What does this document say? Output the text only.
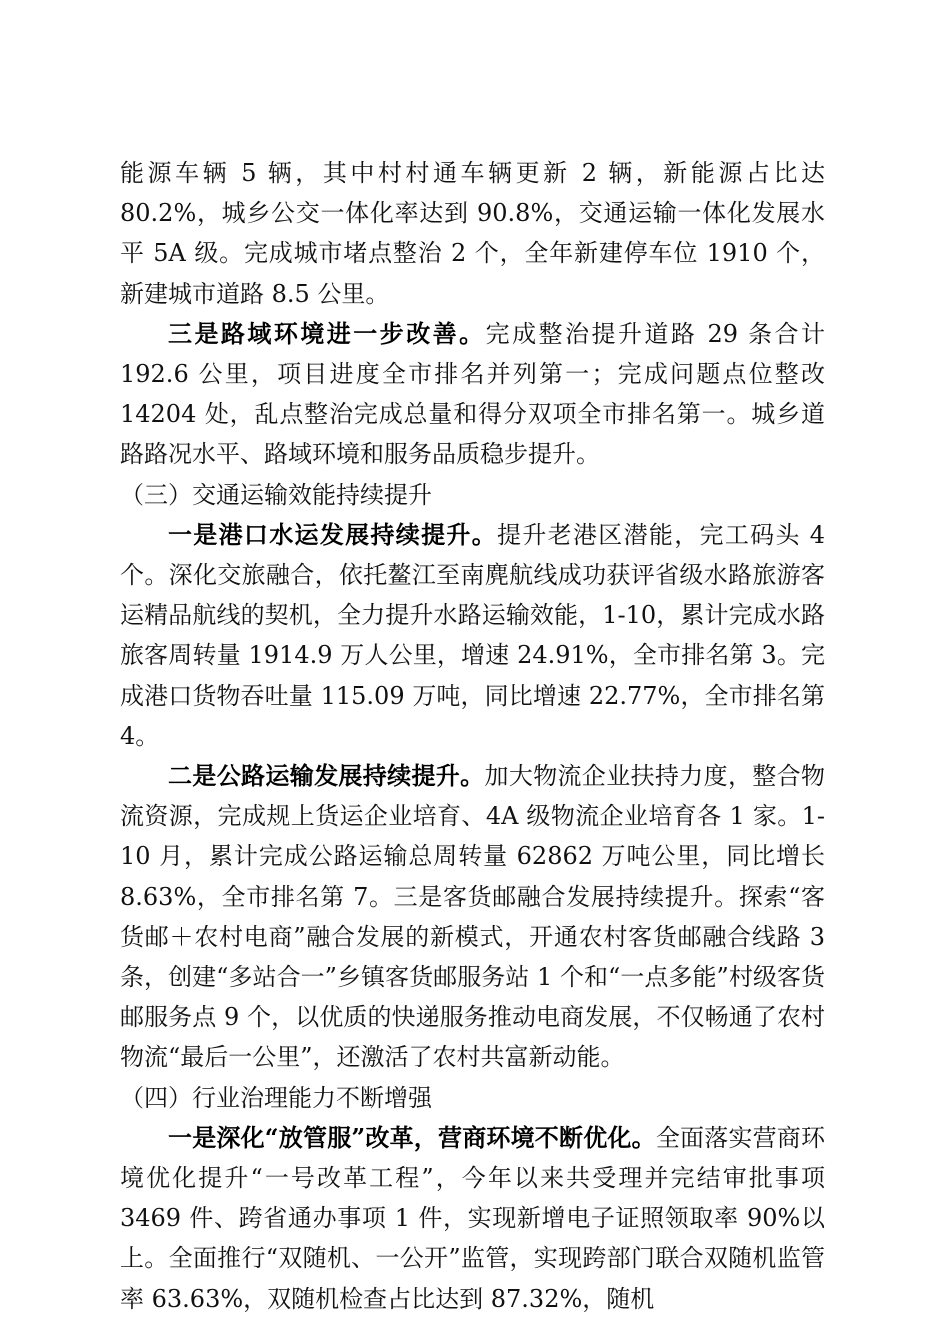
能源车辆 5 辆，其中村村通车辆更新 2 辆，新能源占比达 80.2%，城乡公交一体化率达到 90.8%，交通运输一体化发展水平 5A 级。完成城市堵点整治 2 个，全年新建停车位 1910 个，新建城市道路 8.5 公里。

三是路域环境进一步改善。完成整治提升道路 29 条合计 192.6 公里，项目进度全市排名并列第一；完成问题点位整改 14204 处，乱点整治完成总量和得分双项全市排名第一。城乡道路路况水平、路域环境和服务品质稳步提升。

（三）交通运输效能持续提升

一是港口水运发展持续提升。提升老港区潜能，完工码头 4 个。深化交旅融合，依托鳌江至南麂航线成功获评省级水路旅游客运精品航线的契机，全力提升水路运输效能，1-10，累计完成水路旅客周转量 1914.9 万人公里，增速 24.91%，全市排名第 3。完成港口货物吞吐量 115.09 万吨，同比增速 22.77%，全市排名第 4。

二是公路运输发展持续提升。加大物流企业扶持力度，整合物流资源，完成规上货运企业培育、4A 级物流企业培育各 1 家。1-10 月，累计完成公路运输总周转量 62862 万吨公里，同比增长 8.63%，全市排名第 7。三是客货邮融合发展持续提升。探索“客货邮＋农村电商”融合发展的新模式，开通农村客货邮融合线路 3 条，创建“多站合一”乡镇客货邮服务站 1 个和“一点多能”村级客货邮服务点 9 个，以优质的快递服务推动电商发展，不仅畅通了农村物流“最后一公里”，还激活了农村共富新动能。

（四）行业治理能力不断增强

一是深化“放管服”改革，营商环境不断优化。全面落实营商环境优化提升“一号改革工程”，今年以来共受理并完结审批事项 3469 件、跨省通办事项 1 件，实现新增电子证照领取率 90%以上。全面推行“双随机、一公开”监管，实现跨部门联合双随机监管率 63.63%，双随机检查占比达到 87.32%，随机
